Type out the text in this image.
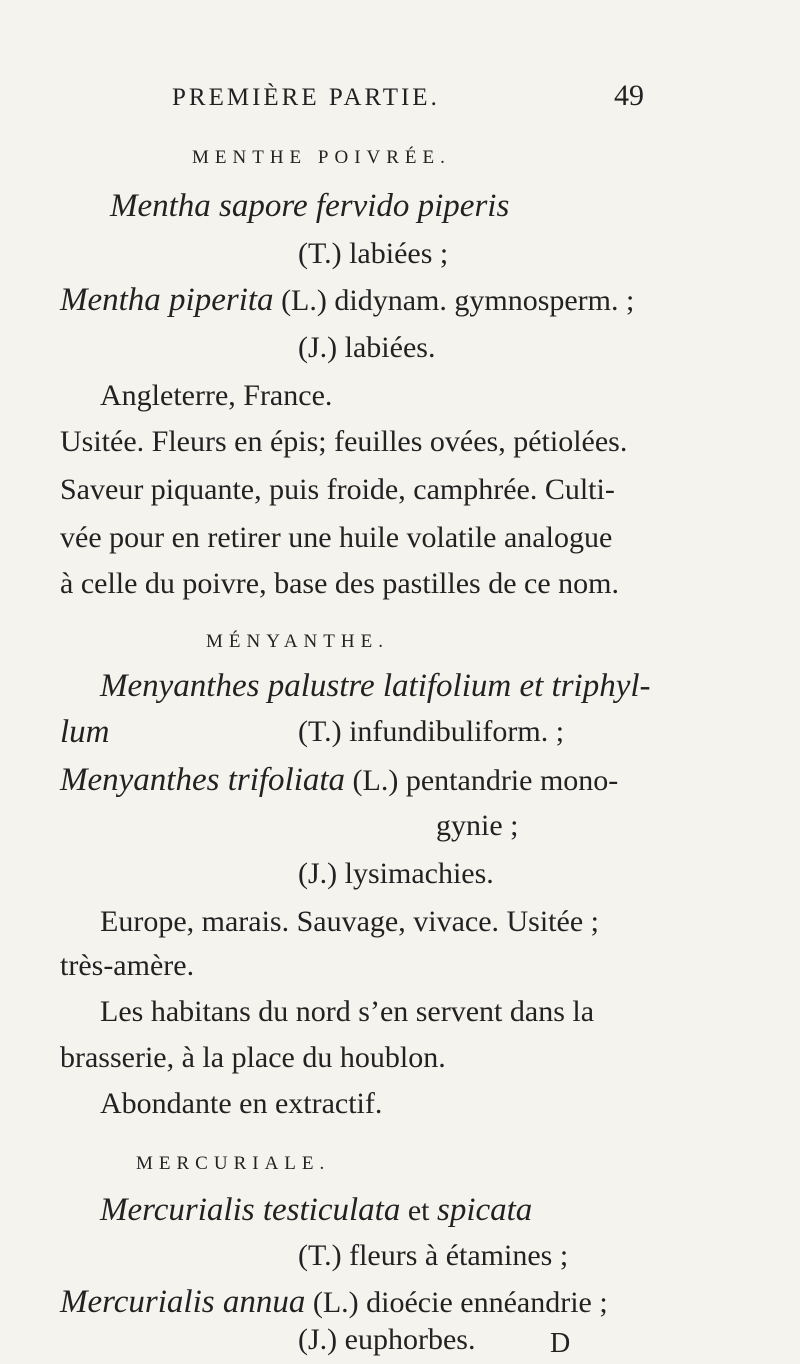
PREMIÈRE PARTIE.	49
MENTHE POIVRÉE.
Mentha sapore fervido piperis
(T.) labiées ;
Mentha piperita (L.) didynam. gymnosperm. ;
(J.) labiées.
Angleterre, France.
Usitée. Fleurs en épis; feuilles ovées, pétiolées.
Saveur piquante, puis froide, camphrée. Culti-
vée pour en retirer une huile volatile analogue
à celle du poivre, base des pastilles de ce nom.
MÉNYANTHE.
Menyanthes palustre latifolium et triphyl-
lum	(T.) infundibuliform. ;
Menyanthes trifoliata (L.) pentandrie mono-
gynie ;
(J.) lysimachies.
Europe, marais. Sauvage, vivace. Usitée ;
très-amère.
Les habitans du nord s’en servent dans la
brasserie, à la place du houblon.
Abondante en extractif.
MERCURIALE.
Mercurialis testiculata et spicata
(T.) fleurs à étamines ;
Mercurialis annua (L.) dioécie ennéandrie ;
(J.) euphorbes.	D
